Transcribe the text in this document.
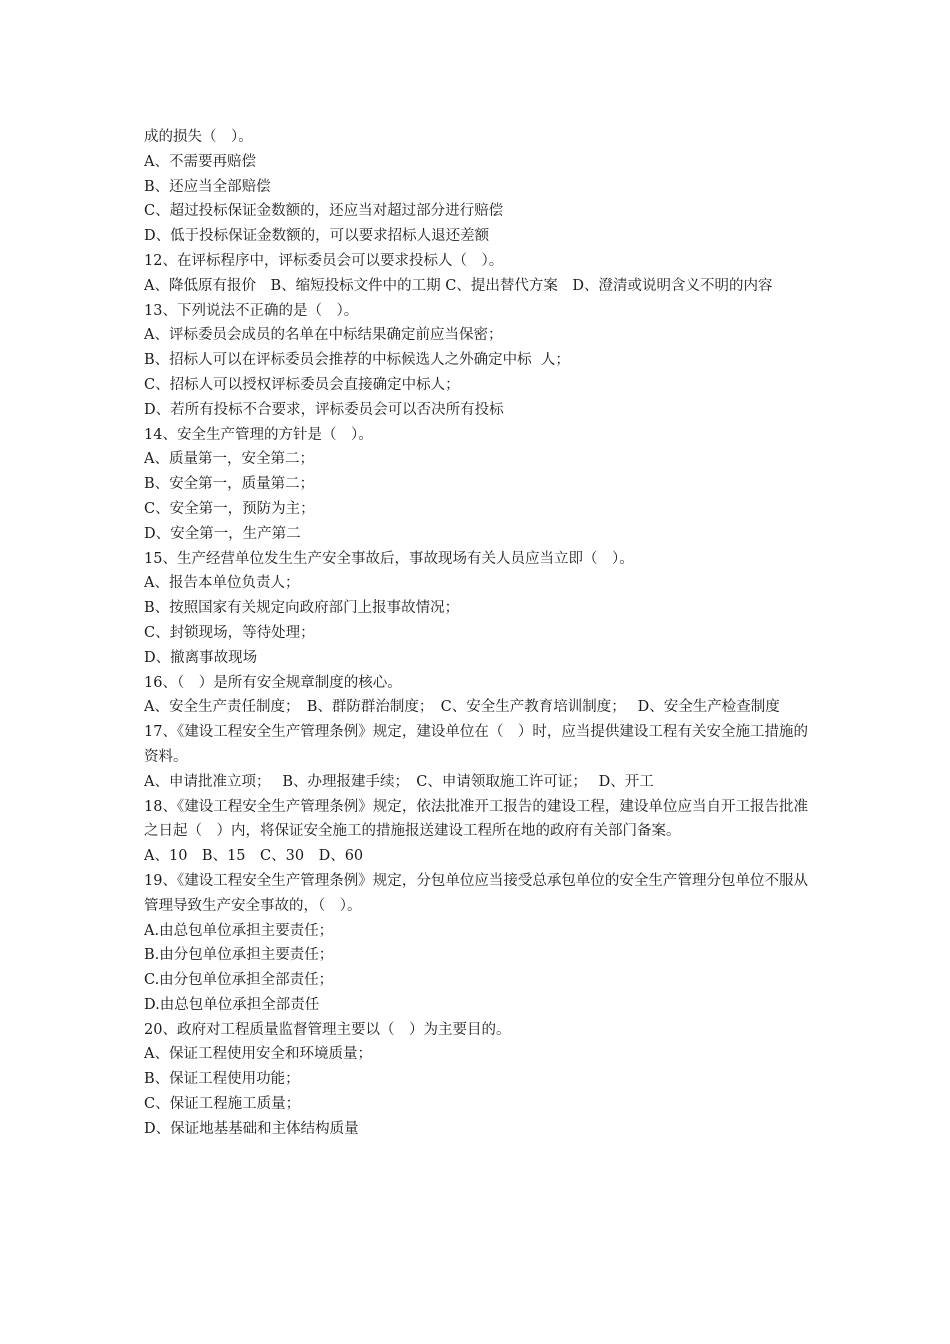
成的损失（　）。
A、不需要再赔偿
B、还应当全部赔偿
C、超过投标保证金数额的，还应当对超过部分进行赔偿
D、低于投标保证金数额的，可以要求招标人退还差额
12、在评标程序中，评标委员会可以要求投标人（　）。
A、降低原有报价　B、缩短投标文件中的工期 C、提出替代方案　D、澄清或说明含义不明的内容
13、下列说法不正确的是（　）。
A、评标委员会成员的名单在中标结果确定前应当保密；
B、招标人可以在评标委员会推荐的中标候选人之外确定中标  人；
C、招标人可以授权评标委员会直接确定中标人；
D、若所有投标不合要求，评标委员会可以否决所有投标
14、安全生产管理的方针是（　）。
A、质量第一，安全第二；
B、安全第一，质量第二；
C、安全第一，预防为主；
D、安全第一，生产第二
15、生产经营单位发生生产安全事故后，事故现场有关人员应当立即（　）。
A、报告本单位负责人；
B、按照国家有关规定向政府部门上报事故情况；
C、封锁现场，等待处理；
D、撤离事故现场
16、（　）是所有安全规章制度的核心。
A、安全生产责任制度；　B、群防群治制度；　C、安全生产教育培训制度；　 D、安全生产检查制度
17、《建设工程安全生产管理条例》规定，建设单位在（　）时，应当提供建设工程有关安全施工措施的资料。
A、申请批准立项；　 B、办理报建手续；　C、申请领取施工许可证；　 D、开工
18、《建设工程安全生产管理条例》规定，依法批准开工报告的建设工程，建设单位应当自开工报告批准之日起（　）内，将保证安全施工的措施报送建设工程所在地的政府有关部门备案。
A、10　B、15　C、30　D、60
19、《建设工程安全生产管理条例》规定，分包单位应当接受总承包单位的安全生产管理分包单位不服从管理导致生产安全事故的，（　）。
A.由总包单位承担主要责任；
B.由分包单位承担主要责任；
C.由分包单位承担全部责任；
D.由总包单位承担全部责任
20、政府对工程质量监督管理主要以（　）为主要目的。
A、保证工程使用安全和环境质量；
B、保证工程使用功能；
C、保证工程施工质量；
D、保证地基基础和主体结构质量
